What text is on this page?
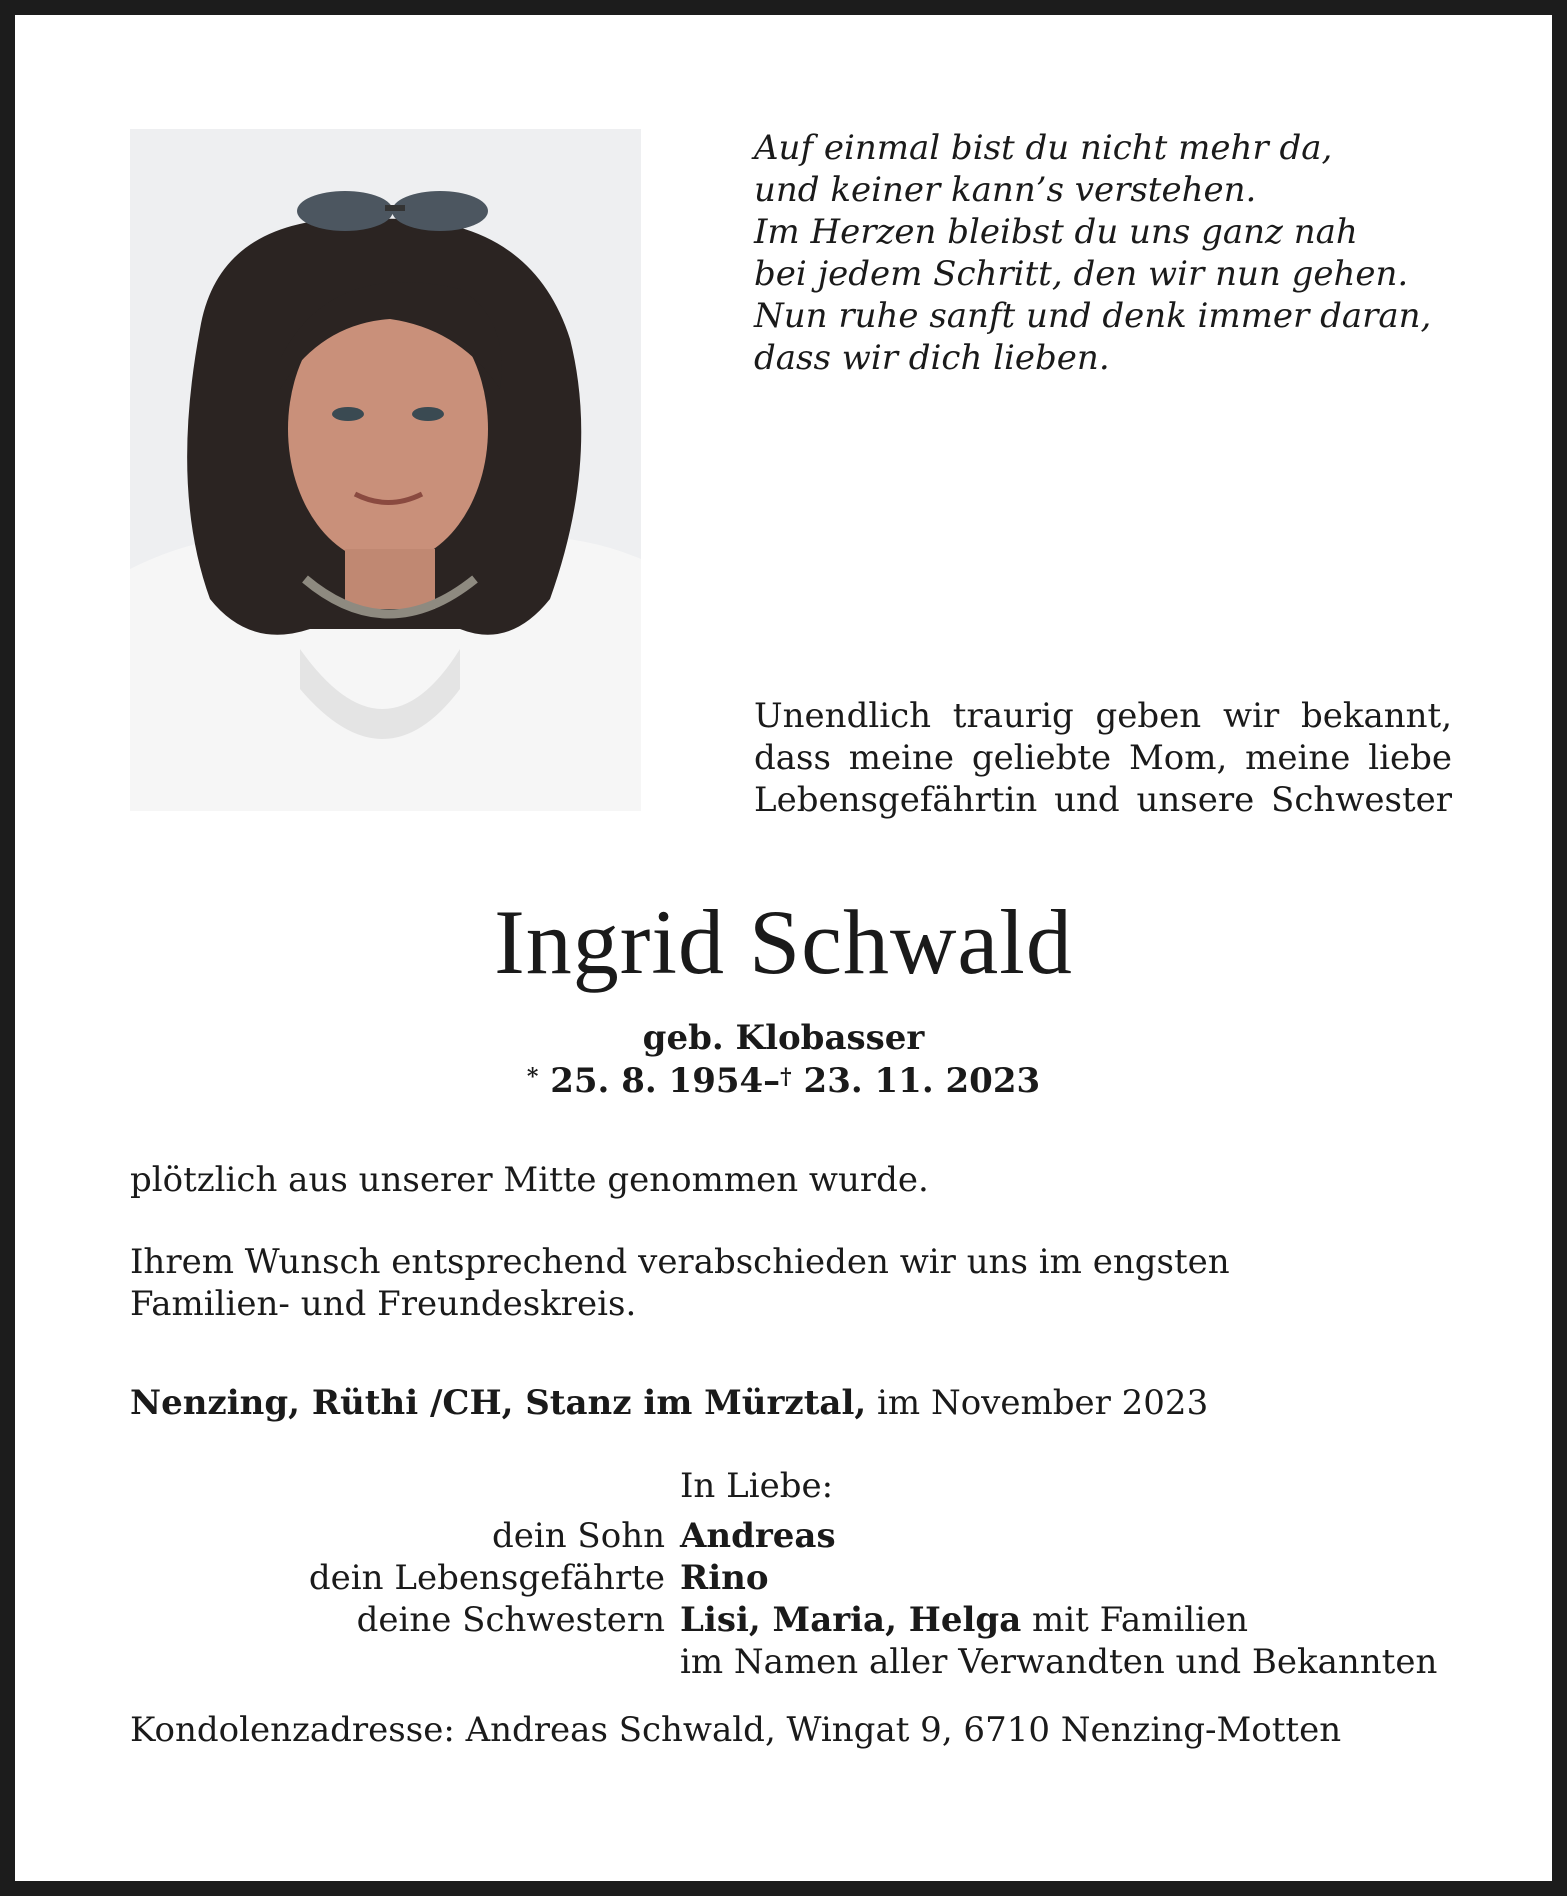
Auf einmal bist du nicht mehr da,
und keiner kann’s verstehen.
Im Herzen bleibst du uns ganz nah
bei jedem Schritt, den wir nun gehen.
Nun ruhe sanft und denk immer daran,
dass wir dich lieben.
Unendlich traurig geben wir bekannt,
dass meine geliebte Mom, meine liebe
Lebensgefährtin und unsere Schwester
Ingrid Schwald
geb. Klobasser
* 25. 8. 1954–† 23. 11. 2023
plötzlich aus unserer Mitte genommen wurde.
Ihrem Wunsch entsprechend verabschieden wir uns im engsten
Familien- und Freundeskreis.
Nenzing, Rüthi /CH, Stanz im Mürztal, im November 2023
In Liebe:
dein Sohn Andreas
dein Lebensgefährte Rino
deine Schwestern Lisi, Maria, Helga mit Familien
im Namen aller Verwandten und Bekannten
Kondolenzadresse: Andreas Schwald, Wingat 9, 6710 Nenzing-Motten
